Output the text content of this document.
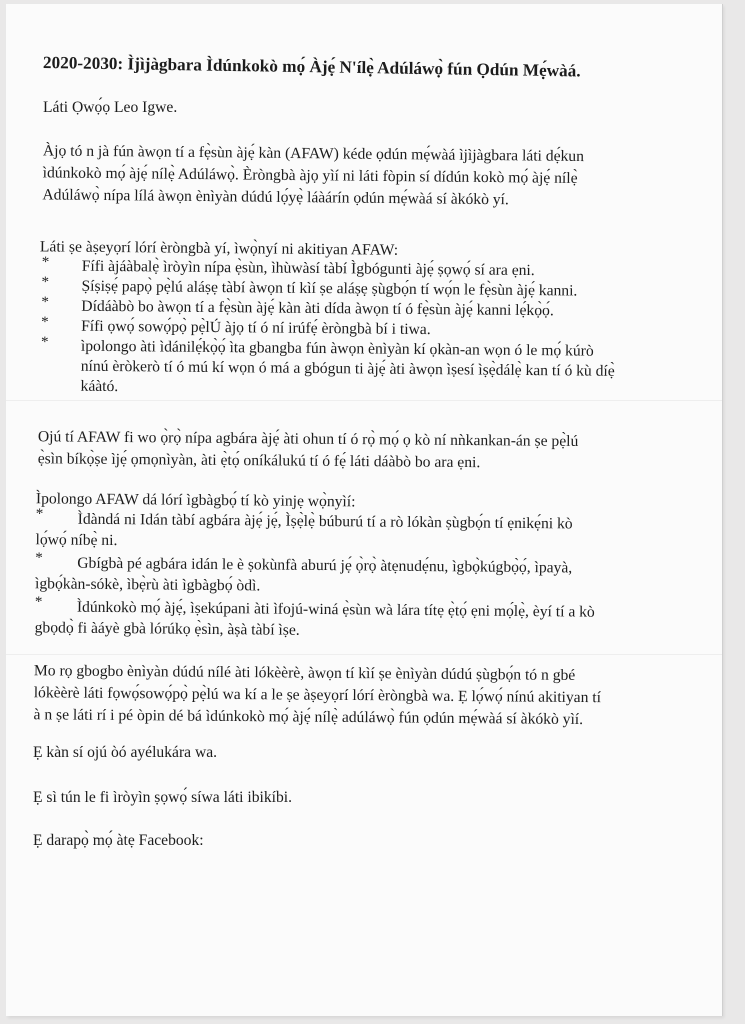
2020-2030: Ìjìjàgbara Ìdúnkokò mọ́ Àjẹ́ N'ílẹ̀ Adúláwọ̀ fún Ọdún Mẹ́wàá.
Láti Ọwọ́ọ Leo Igwe.
Àjọ tó n jà fún àwọn tí a fẹ̀sùn àjẹ́ kàn (AFAW) kéde ọdún mẹ́wàá ìjìjàgbara láti dẹ́kun
ìdúnkokò mọ́ àjẹ́ nílẹ̀ Adúláwọ̀. Èròngbà àjọ yìí ni láti fòpin sí dídún kokò mọ́ àjẹ́ nílẹ̀
Adúláwọ̀ nípa lílá àwọn ènìyàn dúdú lọ́yẹ̀ láàárín ọdún mẹ́wàá sí àkókò yí.
Láti ṣe àṣeyọrí lórí èròngbà yí, ìwọ̀nyí ni akitiyan AFAW:
* Fífi àjáàbalẹ̀ ìròyìn nípa ẹ̀sùn, ìhùwàsí tàbí Ìgbógunti àjẹ́ ṣọwọ́ sí ara ẹni.
* Ṣíṣiṣẹ́ papọ̀ pẹ̀lú aláṣẹ tàbí àwọn tí kìí ṣe aláṣẹ ṣùgbọ́n tí wọ́n le fẹ̀sùn àjẹ́ kanni.
* Dídáàbò bo àwọn tí a fẹ̀sùn àjẹ́ kàn àti dída àwọn tí ó fẹ̀sùn àjẹ́ kanni lẹ́kọ̀ọ́.
* Fífi ọwọ́ sowọ́pọ̀ pẹ̀lÚ àjọ tí ó ní irúfẹ́ èròngbà bí i tiwa.
* ìpolongo àti ìdánilẹ́kọ̀ọ́ ìta gbangba fún àwọn ènìyàn kí ọkàn-an wọn ó le mọ́ kúrò
nínú èròkerò tí ó mú kí wọn ó má a gbógun ti àjẹ́ àti àwọn ìṣesí ìṣẹ̀dálẹ̀ kan tí ó kù díẹ̀
káàtó.
Ojú tí AFAW fi wo ọ̀rọ̀ nípa agbára àjẹ́ àti ohun tí ó rọ̀ mọ́ ọ kò ní nǹkankan-án ṣe pẹ̀lú
ẹ̀sìn bíkọ̀ṣe ìjẹ́ ọmọnìyàn, àti ẹ̀tọ́ oníkálukú tí ó fẹ́ láti dáàbò bo ara ẹni.
Ìpolongo AFAW dá lórí ìgbàgbọ́ tí kò yinjẹ wọ̀nyìí:
* Ìdàndá ni Idán tàbí agbára àjẹ́ jẹ́, Ìṣẹ̀lẹ̀ búburú tí a rò lókàn ṣùgbọ́n tí ẹnikẹ́ni kò
lọ́wọ́ níbẹ̀ ni.
* Gbígbà pé agbára idán le è ṣokùnfà aburú jẹ́ ọ̀rọ̀ àtẹnudẹ́nu, ìgbọ̀kúgbọ̀ọ́, ìpayà,
ìgbọ́kàn-sókè, ìbẹ̀rù àti ìgbàgbọ́ òdì.
* Ìdúnkokò mọ́ àjẹ́, ìṣekúpani àti ìfojú-winá ẹ̀sùn wà lára títẹ ẹ̀tọ́ ẹni mọ́lẹ̀, èyí tí a kò
gbọdọ̀ fi àáyè gbà lórúkọ ẹ̀sìn, àṣà tàbí ìṣe.
Mo rọ gbogbo ènìyàn dúdú nílé àti lókèèrè, àwọn tí kìí ṣe ènìyàn dúdú ṣùgbọ́n tó n gbé
lókèèrè láti fọwọ́sowọ́pọ̀ pẹ̀lú wa kí a le ṣe àṣeyọrí lórí èròngbà wa. Ẹ lọ́wọ́ nínú akitiyan tí
à n ṣe láti rí i pé òpin dé bá ìdúnkokò mọ́ àjẹ́ nílẹ̀ adúláwọ̀ fún ọdún mẹ́wàá sí àkókò yìí.
Ẹ kàn sí ojú òó ayélukára wa.
Ẹ sì tún le fi ìròyìn ṣọwọ́ síwa láti ibikíbi.
Ẹ darapọ̀ mọ́ àtẹ Facebook:
